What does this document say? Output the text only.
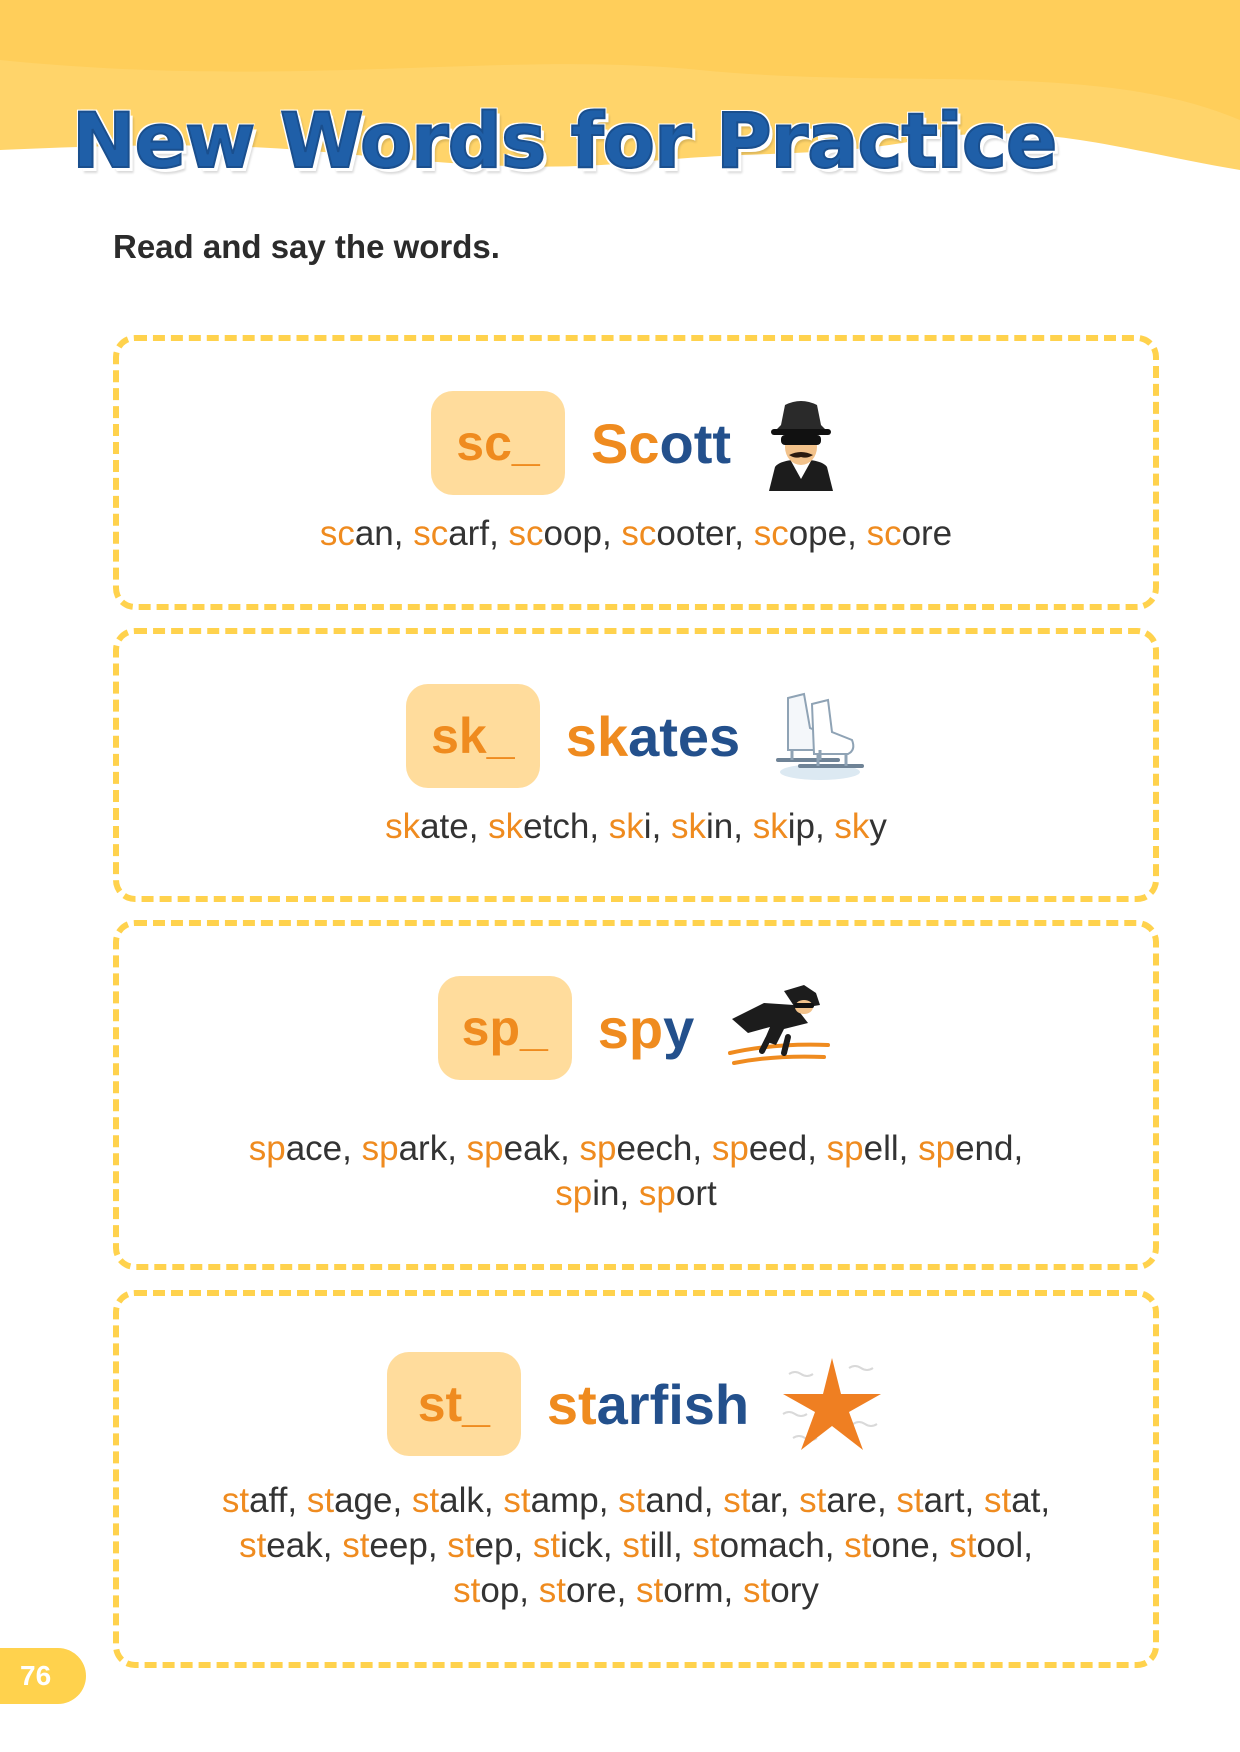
New Words for Practice

Read and say the words.

sc_ Scott

scan, scarf, scoop, scooter, scope, score

sk_ skates

skate, sketch, ski, skin, skip, sky

sp_ spy

space, spark, speak, speech, speed, spell, spend,
spin, sport

st_	starfish

staff, stage, stalk, stamp, stand, star, stare, start, stat,
steak, steep, step, stick, still, stomach, stone, stool,
stop, store, storm, story

76
